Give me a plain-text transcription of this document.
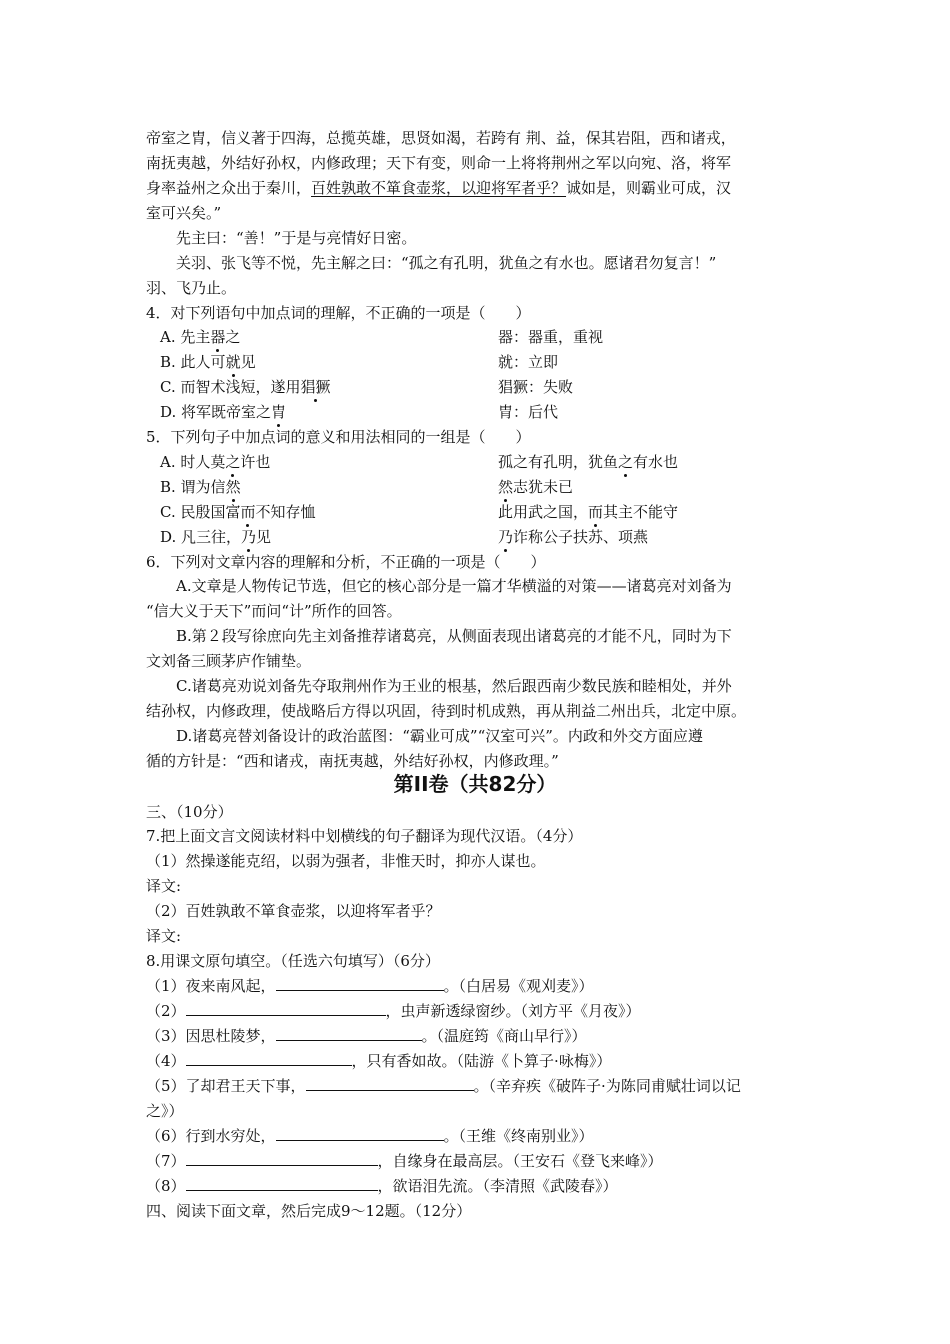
帝室之胄，信义著于四海，总揽英雄，思贤如渴，若跨有 荆、益，保其岩阻，西和诸戎，
南抚夷越，外结好孙权，内修政理；天下有变，则命一上将将荆州之军以向宛、洛，将军
身率益州之众出于秦川，百姓孰敢不箪食壶浆，以迎将军者乎？诚如是，则霸业可成，汉
室可兴矣。”
先主曰：“善！”于是与亮情好日密。
关羽、张飞等不悦，先主解之曰：“孤之有孔明，犹鱼之有水也。愿诸君勿复言！”
羽、飞乃止。
4．对下列语句中加点词的理解，不正确的一项是（　　）
A. 先主器之	器：器重，重视
B. 此人可就见	就：立即
C. 而智术浅短，遂用猖獗	猖獗：失败
D. 将军既帝室之胄	胄：后代
5．下列句子中加点词的意义和用法相同的一组是（　　）
A. 时人莫之许也	孤之有孔明，犹鱼之有水也
B. 谓为信然	然志犹未已
C. 民殷国富而不知存恤	此用武之国，而其主不能守
D. 凡三往，乃见	乃诈称公子扶苏、项燕
6．下列对文章内容的理解和分析，不正确的一项是（　　）
A.文章是人物传记节选，但它的核心部分是一篇才华横溢的对策——诸葛亮对刘备为
“信大义于天下”而问“计”所作的回答。
B.第２段写徐庶向先主刘备推荐诸葛亮，从侧面表现出诸葛亮的才能不凡，同时为下
文刘备三顾茅庐作铺垫。
C.诸葛亮劝说刘备先夺取荆州作为王业的根基，然后跟西南少数民族和睦相处，并外
结孙权，内修政理，使战略后方得以巩固，待到时机成熟，再从荆益二州出兵，北定中原。
D.诸葛亮替刘备设计的政治蓝图：“霸业可成”“汉室可兴”。内政和外交方面应遵
循的方针是：“西和诸戎，南抚夷越，外结好孙权，内修政理。”
第II卷（共82分）
三、（10分）
7.把上面文言文阅读材料中划横线的句子翻译为现代汉语。（4分）
（1）然操遂能克绍，以弱为强者，非惟天时，抑亦人谋也。
译文:
（2）百姓孰敢不箪食壶浆，以迎将军者乎？
译文:
8.用课文原句填空。（任选六句填写）（6分）
（1）夜来南风起，	。（白居易《观刈麦》）
（2）	，虫声新透绿窗纱。（刘方平《月夜》）
（3）因思杜陵梦，	。（温庭筠《商山早行》）
（4）	，只有香如故。（陆游《卜算子·咏梅》）
（5）了却君王天下事，	。（辛弃疾《破阵子·为陈同甫赋壮词以记
之》）
（6）行到水穷处，	。（王维《终南别业》）
（7）	，自缘身在最高层。（王安石《登飞来峰》）
（8）	，欲语泪先流。（李清照《武陵春》）
四、阅读下面文章，然后完成9～12题。（12分）
